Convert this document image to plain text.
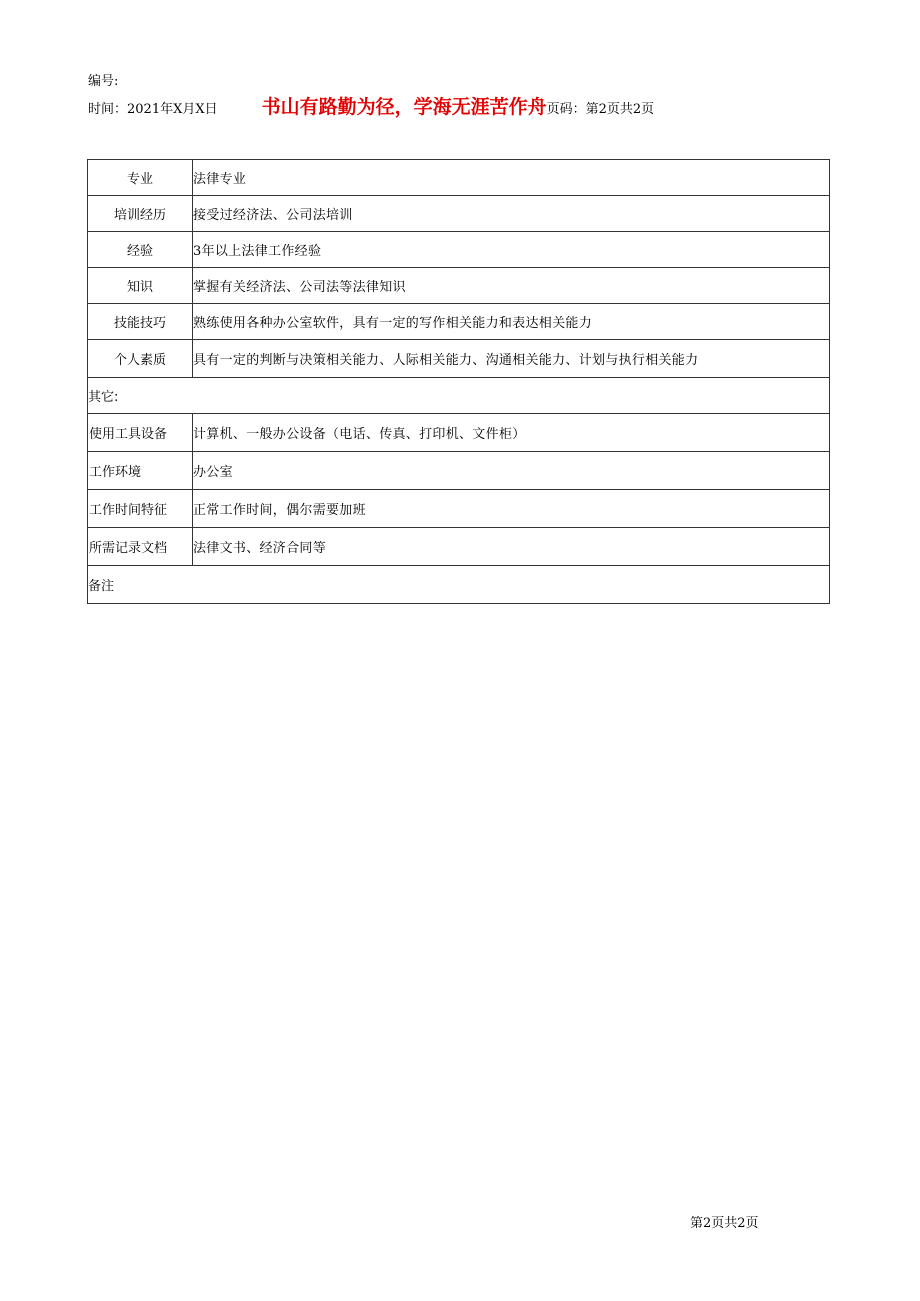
编号:
时间：2021年X月X日 书山有路勤为径，学海无涯苦作舟 页码：第2页共2页
专业	法律专业
培训经历	接受过经济法、公司法培训
经验	3年以上法律工作经验
知识	掌握有关经济法、公司法等法律知识
技能技巧	熟练使用各种办公室软件，具有一定的写作相关能力和表达相关能力
个人素质	具有一定的判断与决策相关能力、人际相关能力、沟通相关能力、计划与执行相关能力
其它:	
使用工具设备	计算机、一般办公设备（电话、传真、打印机、文件柜）
工作环境	办公室
工作时间特征	正常工作时间，偶尔需要加班
所需记录文档	法律文书、经济合同等
备注	
第2页共2页
